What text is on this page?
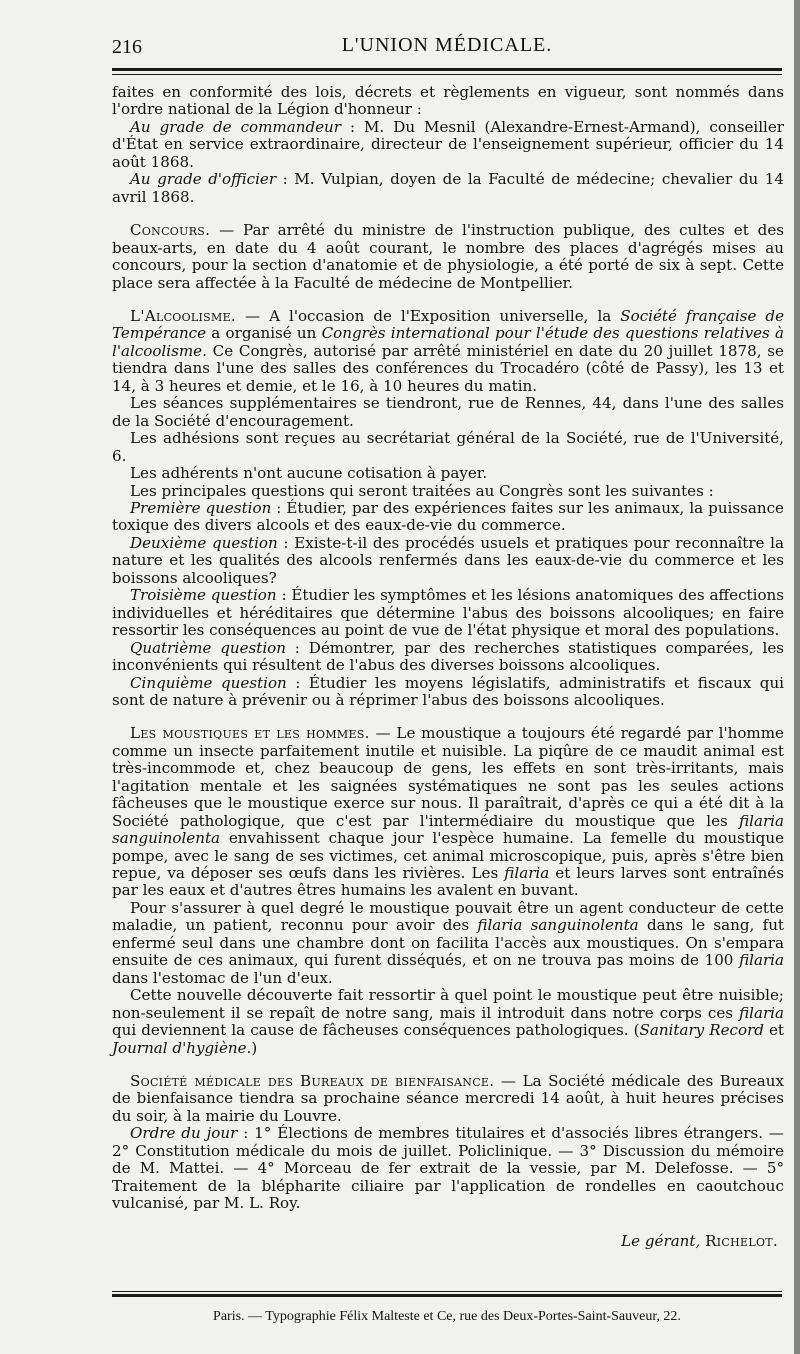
216	L'UNION MÉDICALE.

faites en conformité des lois, décrets et règlements en vigueur, sont nommés dans l'ordre national de la Légion d'honneur :

Au grade de commandeur : M. Du Mesnil (Alexandre-Ernest-Armand), conseiller d'État en service extraordinaire, directeur de l'enseignement supérieur, officier du 14 août 1868.

Au grade d'officier : M. Vulpian, doyen de la Faculté de médecine; chevalier du 14 avril 1868.

Concours. — Par arrêté du ministre de l'instruction publique, des cultes et des beaux-arts, en date du 4 août courant, le nombre des places d'agrégés mises au concours, pour la section d'anatomie et de physiologie, a été porté de six à sept. Cette place sera affectée à la Faculté de médecine de Montpellier.

L'Alcoolisme. — A l'occasion de l'Exposition universelle, la Société française de Tempérance a organisé un Congrès international pour l'étude des questions relatives à l'alcoolisme. Ce Congrès, autorisé par arrêté ministériel en date du 20 juillet 1878, se tiendra dans l'une des salles des conférences du Trocadéro (côté de Passy), les 13 et 14, à 3 heures et demie, et le 16, à 10 heures du matin.

Les séances supplémentaires se tiendront, rue de Rennes, 44, dans l'une des salles de la Société d'encouragement.

Les adhésions sont reçues au secrétariat général de la Société, rue de l'Université, 6.

Les adhérents n'ont aucune cotisation à payer.

Les principales questions qui seront traitées au Congrès sont les suivantes :

Première question : Étudier, par des expériences faites sur les animaux, la puissance toxique des divers alcools et des eaux-de-vie du commerce.

Deuxième question : Existe-t-il des procédés usuels et pratiques pour reconnaître la nature et les qualités des alcools renfermés dans les eaux-de-vie du commerce et les boissons alcooliques?

Troisième question : Étudier les symptômes et les lésions anatomiques des affections individuelles et héréditaires que détermine l'abus des boissons alcooliques; en faire ressortir les conséquences au point de vue de l'état physique et moral des populations.

Quatrième question : Démontrer, par des recherches statistiques comparées, les inconvénients qui résultent de l'abus des diverses boissons alcooliques.

Cinquième question : Étudier les moyens législatifs, administratifs et fiscaux qui sont de nature à prévenir ou à réprimer l'abus des boissons alcooliques.

Les moustiques et les hommes. — Le moustique a toujours été regardé par l'homme comme un insecte parfaitement inutile et nuisible. La piqûre de ce maudit animal est très-incommode et, chez beaucoup de gens, les effets en sont très-irritants, mais l'agitation mentale et les saignées systématiques ne sont pas les seules actions fâcheuses que le moustique exerce sur nous. Il paraîtrait, d'après ce qui a été dit à la Société pathologique, que c'est par l'intermédiaire du moustique que les filaria sanguinolenta envahissent chaque jour l'espèce humaine. La femelle du moustique pompe, avec le sang de ses victimes, cet animal microscopique, puis, après s'être bien repue, va déposer ses œufs dans les rivières. Les filaria et leurs larves sont entraînés par les eaux et d'autres êtres humains les avalent en buvant.

Pour s'assurer à quel degré le moustique pouvait être un agent conducteur de cette maladie, un patient, reconnu pour avoir des filaria sanguinolenta dans le sang, fut enfermé seul dans une chambre dont on facilita l'accès aux moustiques. On s'empara ensuite de ces animaux, qui furent disséqués, et on ne trouva pas moins de 100 filaria dans l'estomac de l'un d'eux.

Cette nouvelle découverte fait ressortir à quel point le moustique peut être nuisible; non-seulement il se repaît de notre sang, mais il introduit dans notre corps ces filaria qui deviennent la cause de fâcheuses conséquences pathologiques. (Sanitary Record et Journal d'hygiène.)

Société médicale des Bureaux de bienfaisance. — La Société médicale des Bureaux de bienfaisance tiendra sa prochaine séance mercredi 14 août, à huit heures précises du soir, à la mairie du Louvre.

Ordre du jour : 1° Élections de membres titulaires et d'associés libres étrangers. — 2° Constitution médicale du mois de juillet. Policlinique. — 3° Discussion du mémoire de M. Mattei. — 4° Morceau de fer extrait de la vessie, par M. Delefosse. — 5° Traitement de la blépharite ciliaire par l'application de rondelles en caoutchouc vulcanisé, par M. L. Roy.

Le gérant, Richelot.

Paris. — Typographie Félix Malteste et Ce, rue des Deux-Portes-Saint-Sauveur, 22.
